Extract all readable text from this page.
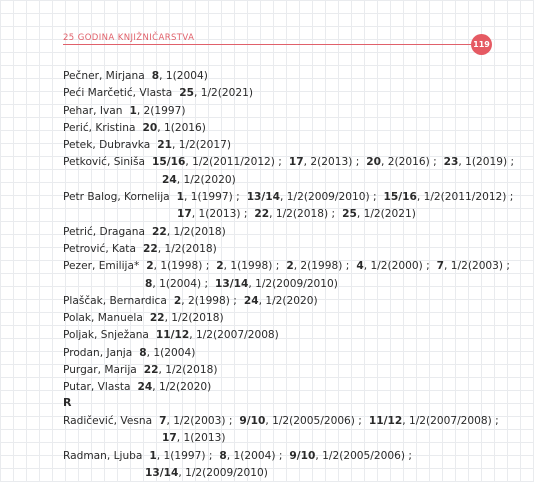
25 GODINA KNJIŽNIČARSTVA
119
Pečner, Mirjana 8, 1(2004)
Peći Marčetić, Vlasta 25, 1/2(2021)
Pehar, Ivan 1, 2(1997)
Perić, Kristina 20, 1(2016)
Petek, Dubravka 21, 1/2(2017)
Petković, Siniša 15/16, 1/2(2011/2012) ; 17, 2(2013) ; 20, 2(2016) ; 23, 1(2019) ;
24, 1/2(2020)
Petr Balog, Kornelija 1, 1(1997) ; 13/14, 1/2(2009/2010) ; 15/16, 1/2(2011/2012) ;
17, 1(2013) ; 22, 1/2(2018) ; 25, 1/2(2021)
Petrić, Dragana 22, 1/2(2018)
Petrović, Kata 22, 1/2(2018)
Pezer, Emilija* 2, 1(1998) ; 2, 1(1998) ; 2, 2(1998) ; 4, 1/2(2000) ; 7, 1/2(2003) ;
8, 1(2004) ; 13/14, 1/2(2009/2010)
Plaščak, Bernardica 2, 2(1998) ; 24, 1/2(2020)
Polak, Manuela 22, 1/2(2018)
Poljak, Snježana 11/12, 1/2(2007/2008)
Prodan, Janja 8, 1(2004)
Purgar, Marija 22, 1/2(2018)
Putar, Vlasta 24, 1/2(2020)
R
Radičević, Vesna 7, 1/2(2003) ; 9/10, 1/2(2005/2006) ; 11/12, 1/2(2007/2008) ;
17, 1(2013)
Radman, Ljuba 1, 1(1997) ; 8, 1(2004) ; 9/10, 1/2(2005/2006) ;
13/14, 1/2(2009/2010)
